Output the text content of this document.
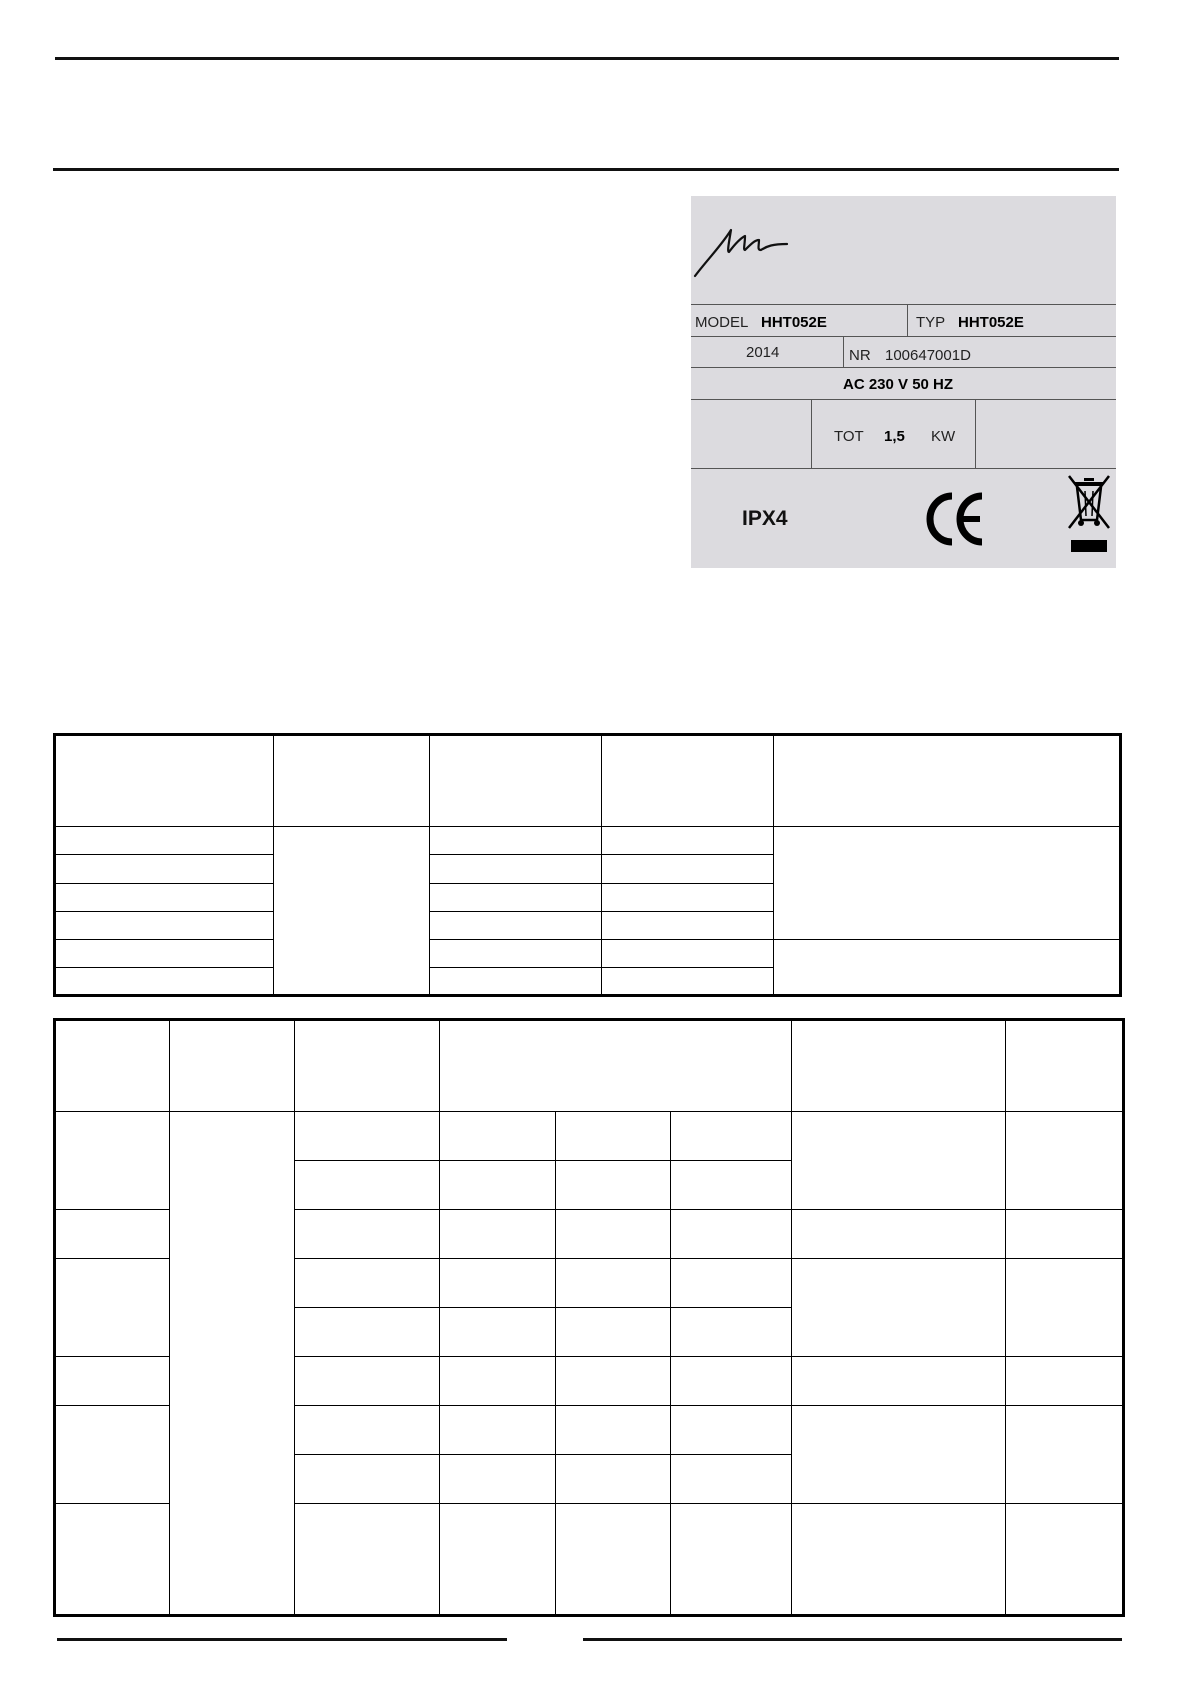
MODEL HHT052E	TYP HHT052E
2014	NR 100647001D
AC 230 V 50 HZ
TOT 1,5 KW
IPX4
